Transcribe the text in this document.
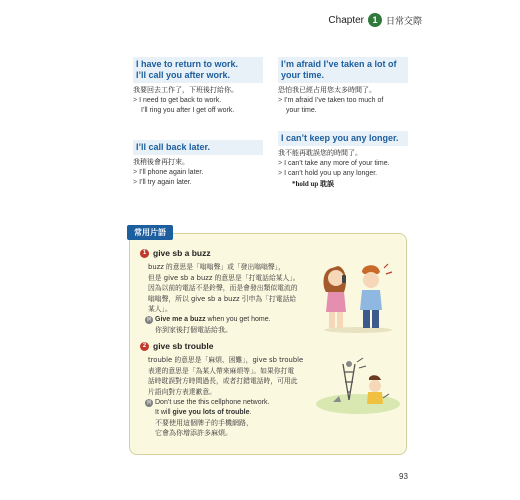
Chapter 1 日常交際
I have to return to work.
I’ll call you after work.
我要回去工作了，下班後打給你。
> I need to get back to work.
I’ll ring you after I get off work.
I’m afraid I’ve taken a lot of
your time.
恐怕我已經占用您太多時間了。
> I’m afraid I’ve taken too much of
your time.
I’ll call back later.
我稍後會再打來。
> I’ll phone again later.
> I’ll try again later.
I can’t keep you any longer.
我不能再耽誤您的時間了。
> I can’t take any more of your time.
> I can’t hold you up any longer.
*hold up 耽誤
常用片語
1 give sb a buzz
buzz 的意思是「嗡嗡聲」或「發出嗡嗡聲」，
但是 give sb a buzz 的意思是「打電話給某人」。
因為以前的電話不是鈴聲，而是會發出類似電流的
嗡嗡聲，所以 give sb a buzz 引申為「打電話給
某人」。
例 Give me a buzz when you get home.
你到家後打個電話給我。
2 give sb trouble
trouble 的意思是「麻煩、困難」，give sb trouble
表達的意思是「為某人帶來麻煩等」。如果你打電
話時耽誤對方時間過長，或者打錯電話時，可用此
片語向對方表達歉意。
例 Don’t use the this cellphone network.
It will give you lots of trouble.
不要使用這個牌子的手機網路，
它會為你增添許多麻煩。
93
